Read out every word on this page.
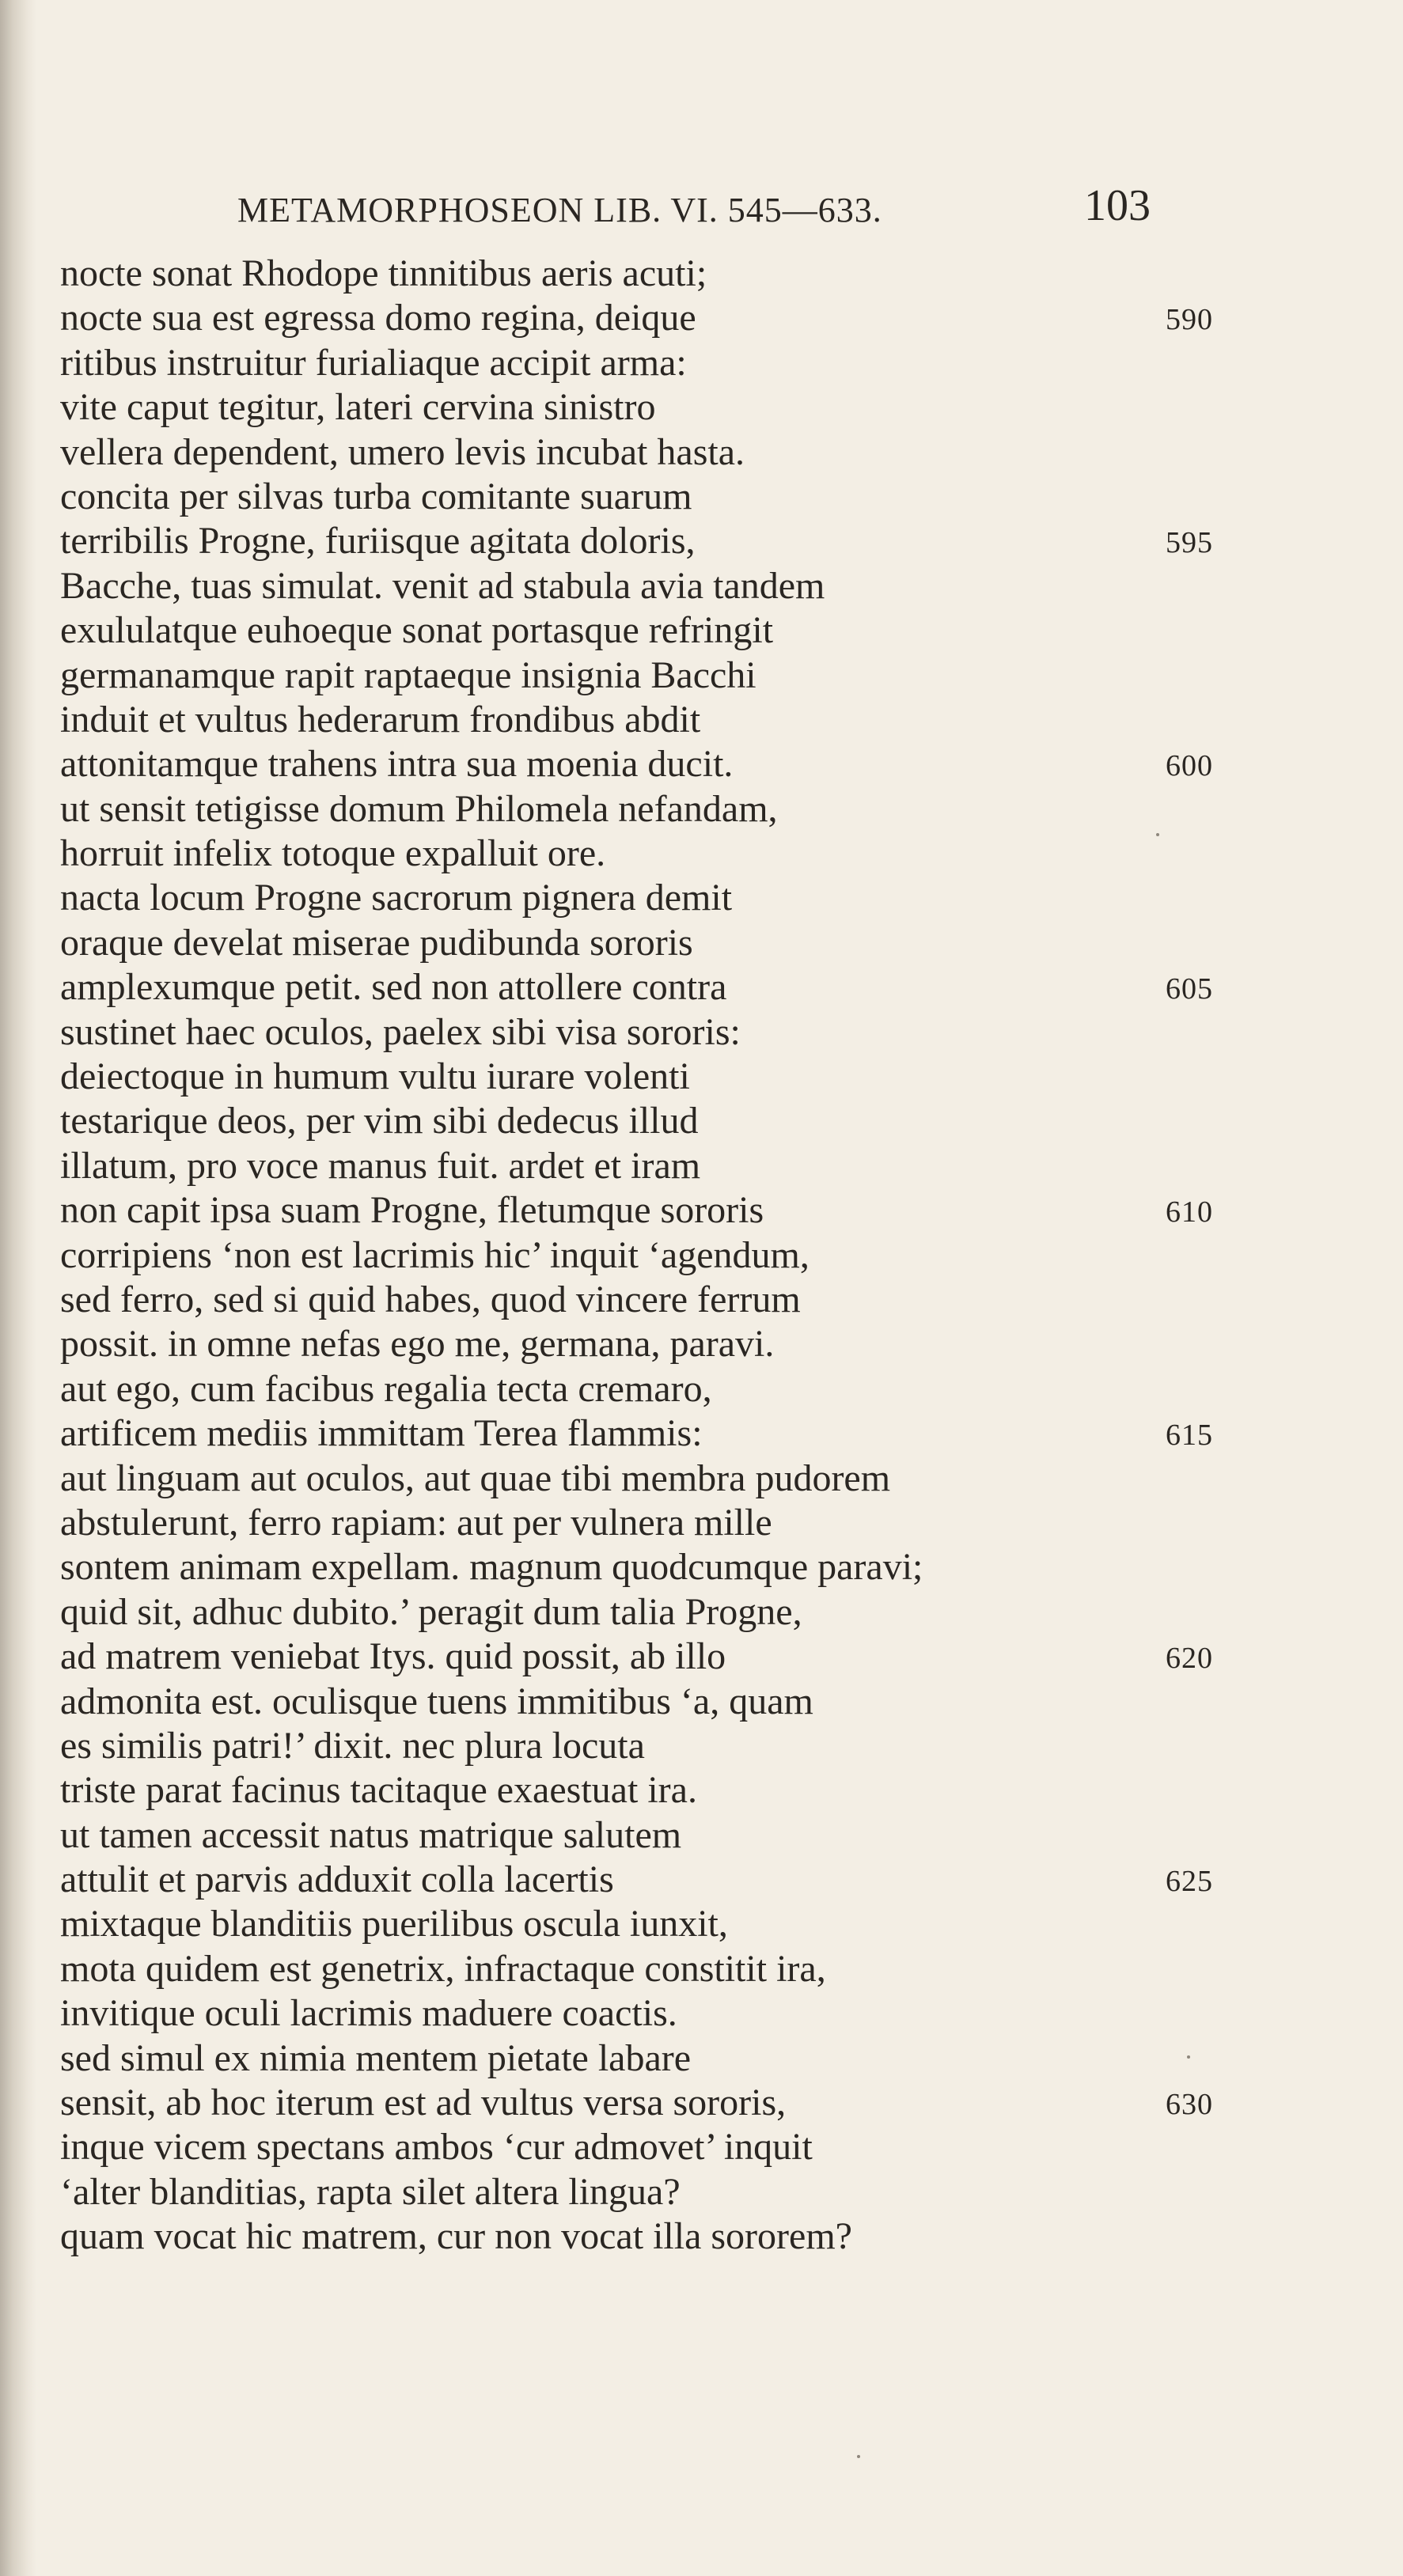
METAMORPHOSEON LIB. VI. 545—633.	103
nocte sonat Rhodope tinnitibus aeris acuti;
nocte sua est egressa domo regina, deique	590
ritibus instruitur furialiaque accipit arma:
vite caput tegitur, lateri cervina sinistro
vellera dependent, umero levis incubat hasta.
concita per silvas turba comitante suarum
terribilis Progne, furiisque agitata doloris,	595
Bacche, tuas simulat. venit ad stabula avia tandem
exululatque euhoeque sonat portasque refringit
germanamque rapit raptaeque insignia Bacchi
induit et vultus hederarum frondibus abdit
attonitamque trahens intra sua moenia ducit.	600
ut sensit tetigisse domum Philomela nefandam,
horruit infelix totoque expalluit ore.
nacta locum Progne sacrorum pignera demit
oraque develat miserae pudibunda sororis
amplexumque petit. sed non attollere contra	605
sustinet haec oculos, paelex sibi visa sororis:
deiectoque in humum vultu iurare volenti
testarique deos, per vim sibi dedecus illud
illatum, pro voce manus fuit. ardet et iram
non capit ipsa suam Progne, fletumque sororis	610
corripiens ‘non est lacrimis hic’ inquit ‘agendum,
sed ferro, sed si quid habes, quod vincere ferrum
possit. in omne nefas ego me, germana, paravi.
aut ego, cum facibus regalia tecta cremaro,
artificem mediis immittam Terea flammis:	615
aut linguam aut oculos, aut quae tibi membra pudorem
abstulerunt, ferro rapiam: aut per vulnera mille
sontem animam expellam. magnum quodcumque paravi;
quid sit, adhuc dubito.’ peragit dum talia Progne,
ad matrem veniebat Itys. quid possit, ab illo	620
admonita est. oculisque tuens immitibus ‘a, quam
es similis patri!’ dixit. nec plura locuta
triste parat facinus tacitaque exaestuat ira.
ut tamen accessit natus matrique salutem
attulit et parvis adduxit colla lacertis	625
mixtaque blanditiis puerilibus oscula iunxit,
mota quidem est genetrix, infractaque constitit ira,
invitique oculi lacrimis maduere coactis.
sed simul ex nimia mentem pietate labare
sensit, ab hoc iterum est ad vultus versa sororis,	630
inque vicem spectans ambos ‘cur admovet’ inquit
‘alter blanditias, rapta silet altera lingua?
quam vocat hic matrem, cur non vocat illa sororem?
